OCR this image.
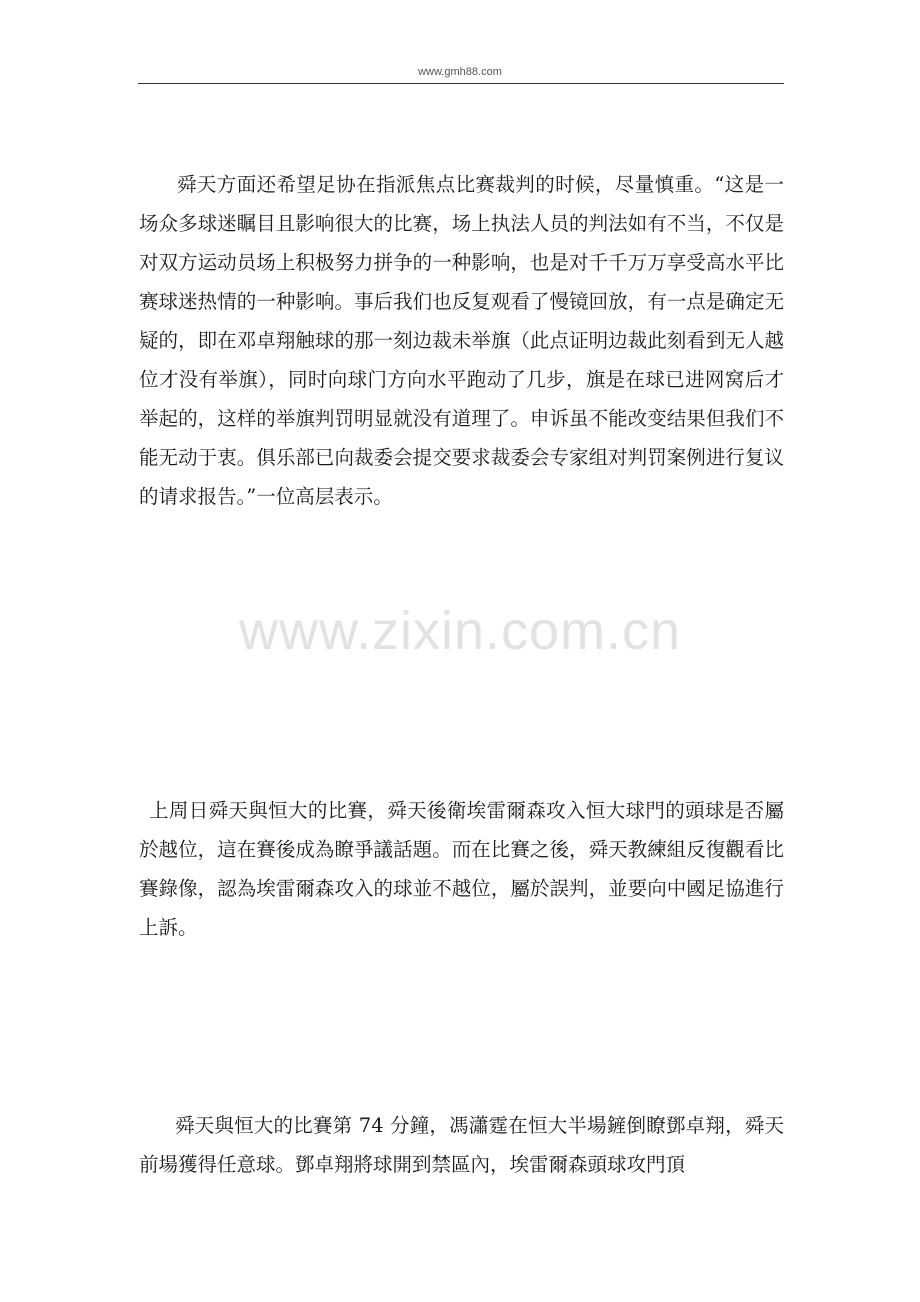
www.gmh88.com

舜天方面还希望足协在指派焦点比赛裁判的时候，尽量慎重。“这是一场众多球迷瞩目且影响很大的比赛，场上执法人员的判法如有不当，不仅是对双方运动员场上积极努力拼争的一种影响，也是对千千万万享受高水平比赛球迷热情的一种影响。事后我们也反复观看了慢镜回放，有一点是确定无疑的，即在邓卓翔触球的那一刻边裁未举旗（此点证明边裁此刻看到无人越位才没有举旗），同时向球门方向水平跑动了几步，旗是在球已进网窝后才举起的，这样的举旗判罚明显就没有道理了。申诉虽不能改变结果但我们不能无动于衷。俱乐部已向裁委会提交要求裁委会专家组对判罚案例进行复议的请求报告。”一位高层表示。

www.zixin.com.cn

上周日舜天與恒大的比賽，舜天後衛埃雷爾森攻入恒大球門的頭球是否屬於越位，這在賽後成為瞭爭議話題。而在比賽之後，舜天教練組反復觀看比賽錄像，認為埃雷爾森攻入的球並不越位，屬於誤判，並要向中國足協進行上訴。

舜天與恒大的比賽第 74 分鐘，馮瀟霆在恒大半場鏟倒瞭鄧卓翔，舜天前場獲得任意球。鄧卓翔將球開到禁區內，埃雷爾森頭球攻門頂
